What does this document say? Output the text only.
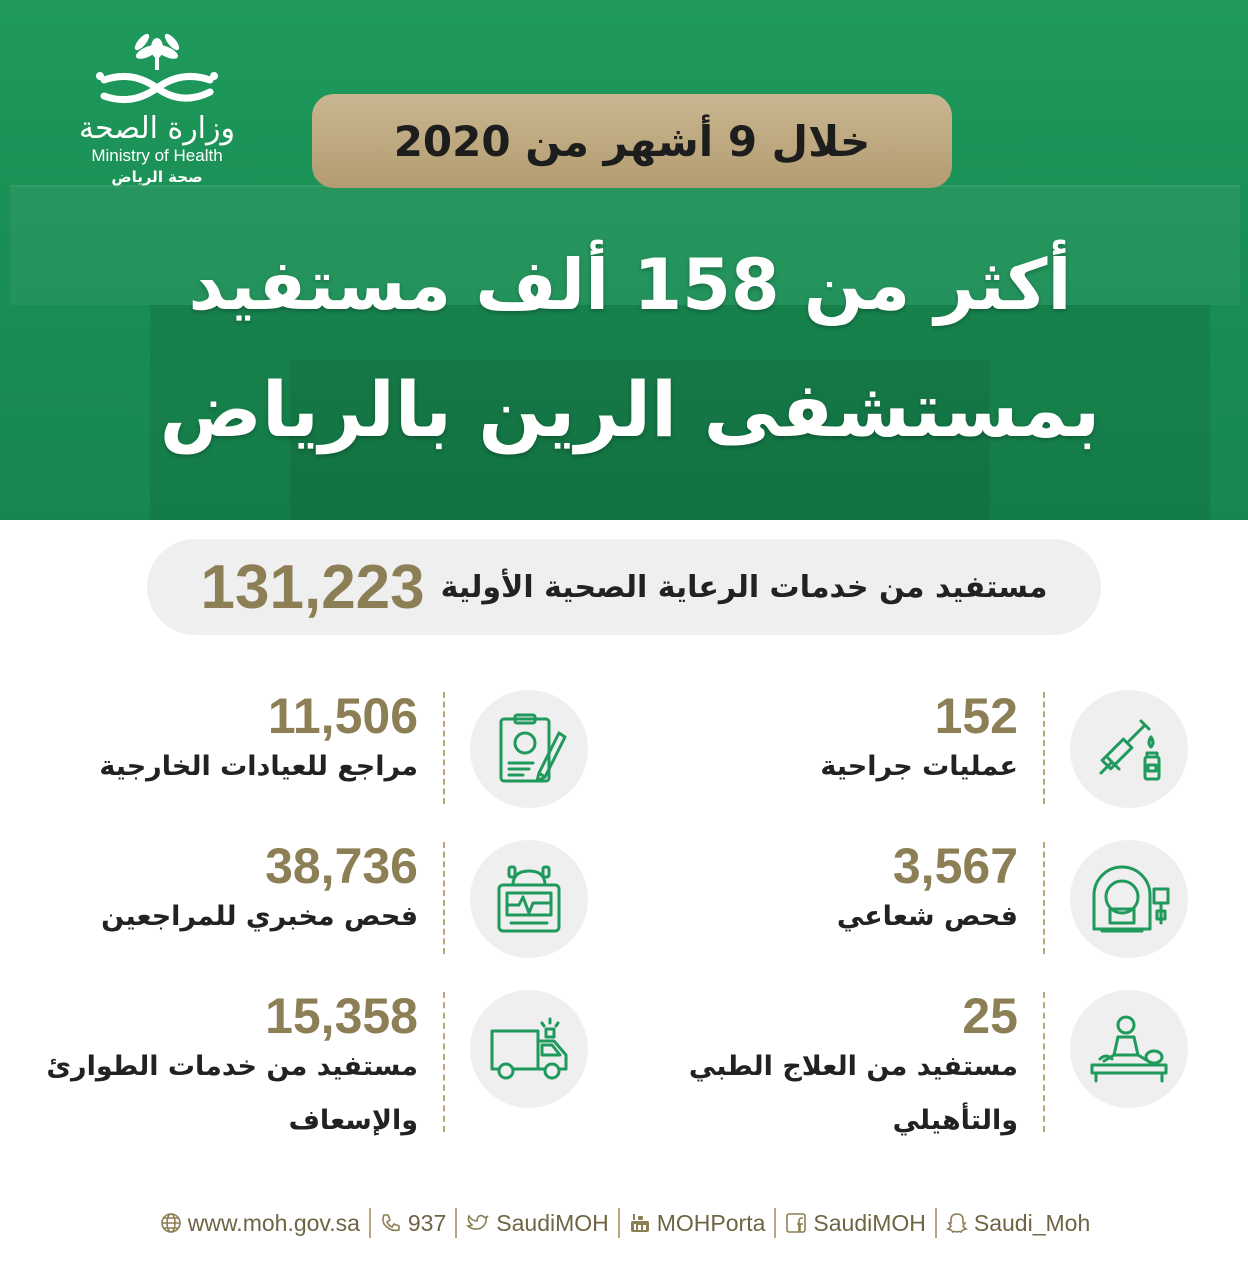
وزارة الصحة
Ministry of Health
صحة الرياض
خلال 9 أشهر من 2020
أكثر من 158 ألف مستفيد
بمستشفى الرين بالرياض
مستفيد من خدمات الرعاية الصحية الأولية
131,223
152
عمليات جراحية
3,567
فحص شعاعي
25
مستفيد من العلاج الطبي
والتأهيلي
11,506
مراجع للعيادات الخارجية
38,736
فحص مخبري للمراجعين
15,358
مستفيد من خدمات الطوارئ
والإسعاف
www.moh.gov.sa 937 SaudiMOH MOHPorta SaudiMOH Saudi_Moh
